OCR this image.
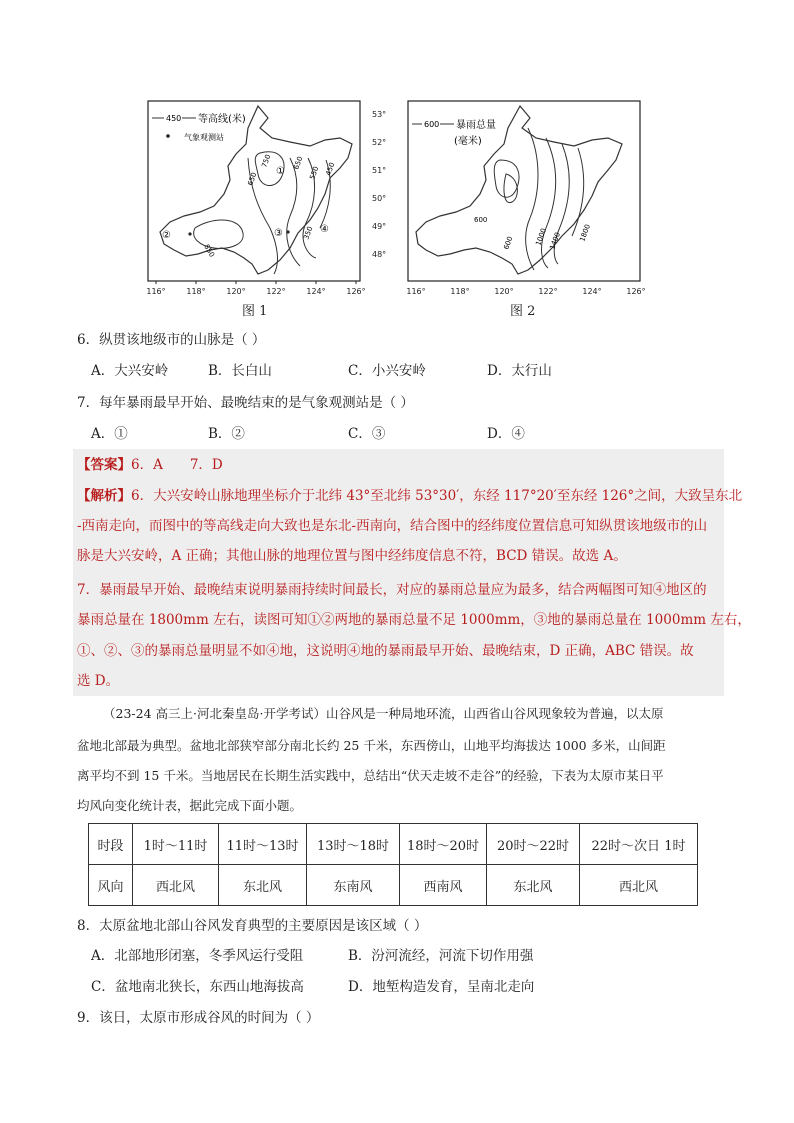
116°	118°	120°	122°	124°	126°
450 等高线(米)
气象观测站
750	650
550 450
350
850
650 ①
②	③	④
图 1
53°
52°
51°
50°
49°
48°
116°	118°	120°	122°	124°	126°
600 暴雨总量
(毫米)
600
600	1000 1400 1800
图 2
6．纵贯该地级市的山脉是（ ）
A．大兴安岭	B．长白山	C．小兴安岭	D．太行山
7．每年暴雨最早开始、最晚结束的是气象观测站是（ ）
A．①	B．②	C．③	D．④
【答案】6．A　　7．D
【解析】6．大兴安岭山脉地理坐标介于北纬 43°至北纬 53°30′，东经 117°20′至东经 126°之间，大致呈东北
-西南走向，而图中的等高线走向大致也是东北-西南向，结合图中的经纬度位置信息可知纵贯该地级市的山
脉是大兴安岭，A 正确；其他山脉的地理位置与图中经纬度信息不符，BCD 错误。故选 A。
7．暴雨最早开始、最晚结束说明暴雨持续时间最长，对应的暴雨总量应为最多，结合两幅图可知④地区的
暴雨总量在 1800mm 左右，读图可知①②两地的暴雨总量不足 1000mm，③地的暴雨总量在 1000mm 左右，
①、②、③的暴雨总量明显不如④地，这说明④地的暴雨最早开始、最晚结束，D 正确，ABC 错误。故
选 D。
（23-24 高三上·河北秦皇岛·开学考试）山谷风是一种局地环流，山西省山谷风现象较为普遍，以太原
盆地北部最为典型。盆地北部狭窄部分南北长约 25 千米，东西傍山，山地平均海拔达 1000 多米，山间距
离平均不到 15 千米。当地居民在长期生活实践中，总结出“伏天走坡不走谷”的经验，下表为太原市某日平
均风向变化统计表，据此完成下面小题。
时段	1时～11时	11时～13时	13时～18时	18时～20时	20时～22时	22时～次日 1时
风向	西北风	东北风	东南风	西南风	东北风	西北风
8．太原盆地北部山谷风发育典型的主要原因是该区域（ ）
A．北部地形闭塞，冬季风运行受阻	B．汾河流经，河流下切作用强
C．盆地南北狭长，东西山地海拔高	D．地堑构造发育，呈南北走向
9．该日，太原市形成谷风的时间为（ ）
